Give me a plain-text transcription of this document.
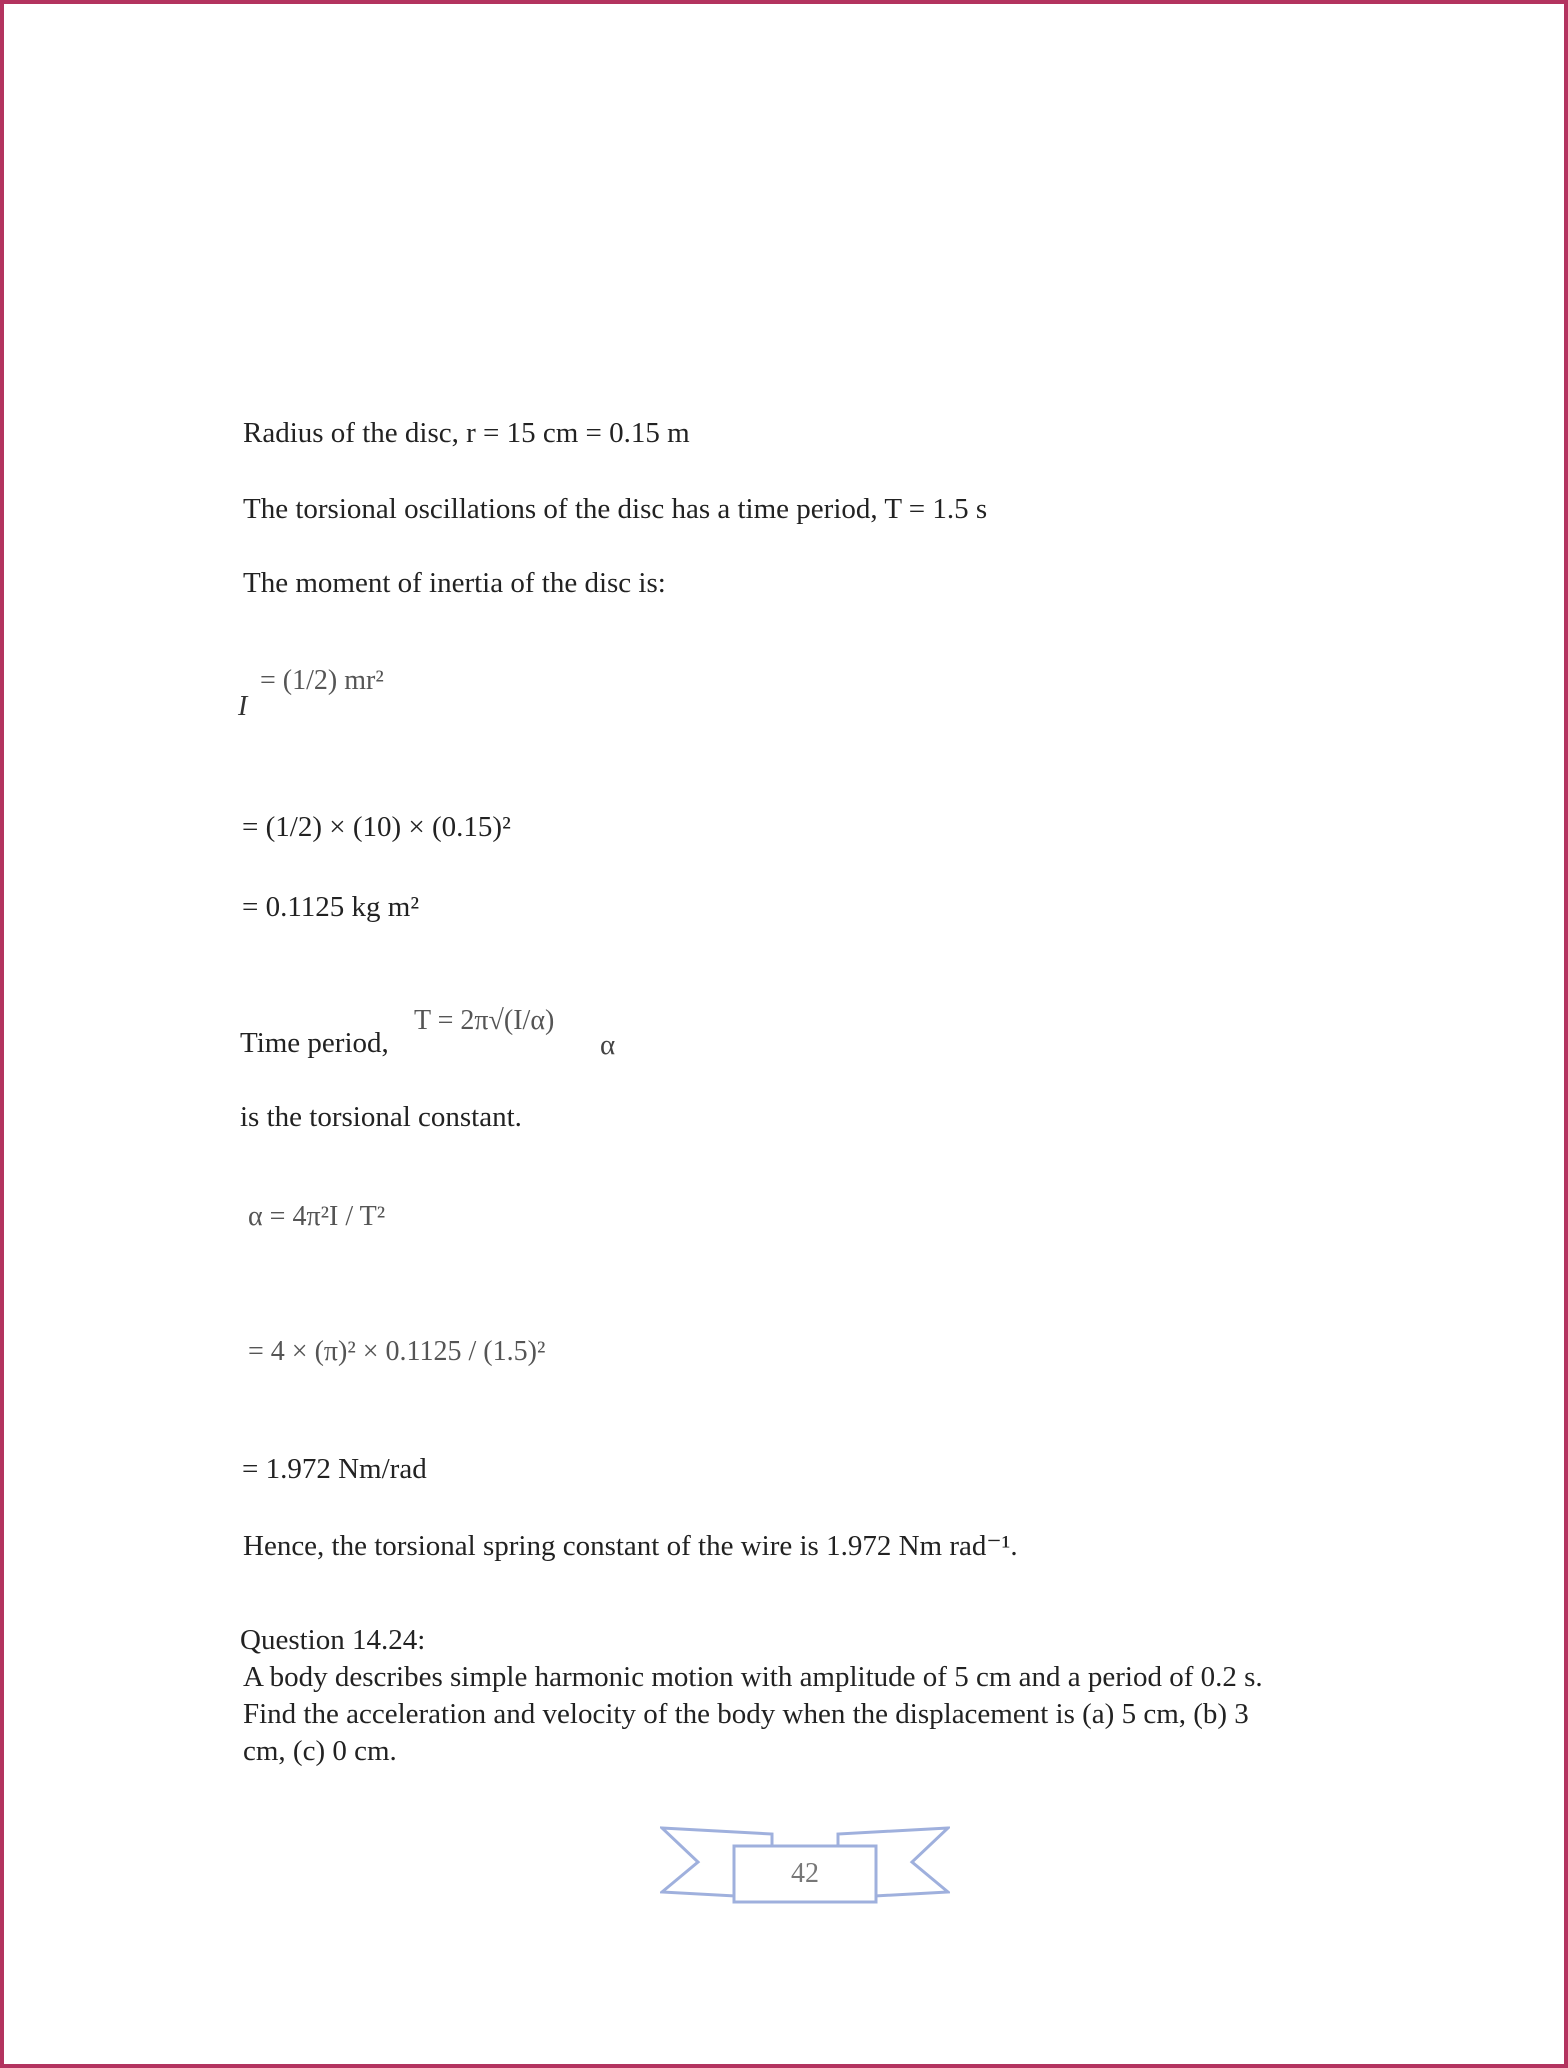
Radius of the disc, r = 15 cm = 0.15 m
The torsional oscillations of the disc has a time period, T = 1.5 s
The moment of inertia of the disc is:
I
= (1/2) mr²
= (1/2) × (10) × (0.15)²
= 0.1125 kg m²
Time period,
T = 2π√(I/α)
α
is the torsional constant.
α = 4π²I / T²
= 4 × (π)² × 0.1125 / (1.5)²
= 1.972 Nm/rad
Hence, the torsional spring constant of the wire is 1.972 Nm rad⁻¹.
Question 14.24:
A body describes simple harmonic motion with amplitude of 5 cm and a period of 0.2 s.
Find the acceleration and velocity of the body when the displacement is (a) 5 cm, (b) 3
cm, (c) 0 cm.
42
